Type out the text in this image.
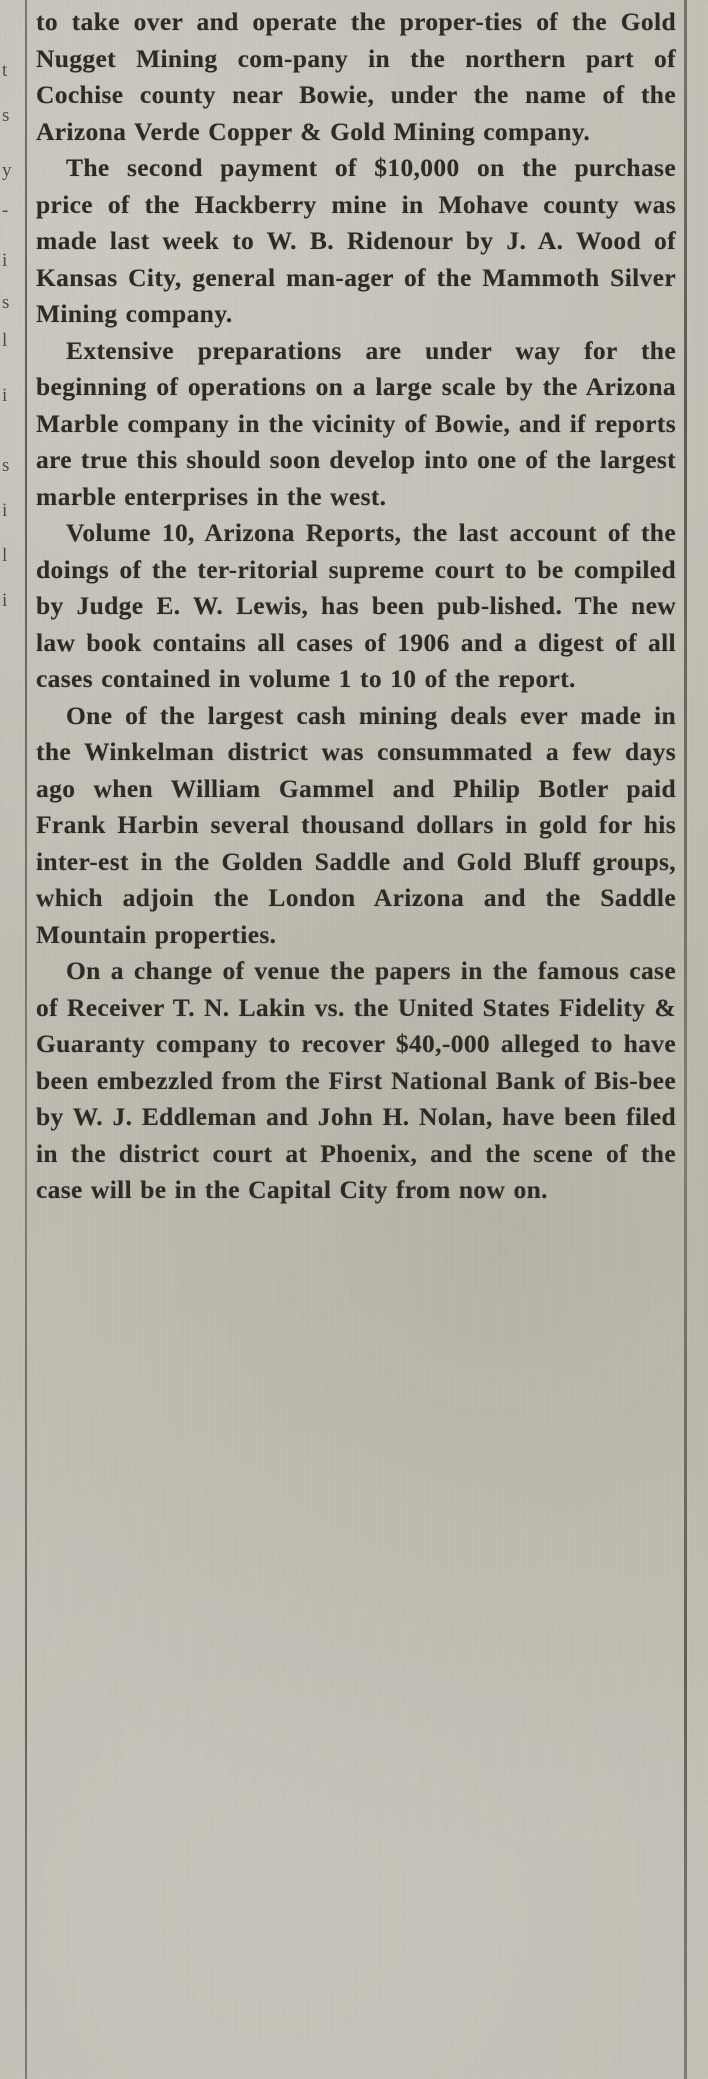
t
s
y
-
i
s
l
i
s
i
l
i

to take over and operate the proper-ties of the Gold Nugget Mining com-pany in the northern part of Cochise county near Bowie, under the name of the Arizona Verde Copper & Gold Mining company.

The second payment of $10,000 on the purchase price of the Hackberry mine in Mohave county was made last week to W. B. Ridenour by J. A. Wood of Kansas City, general man-ager of the Mammoth Silver Mining company.

Extensive preparations are under way for the beginning of operations on a large scale by the Arizona Marble company in the vicinity of Bowie, and if reports are true this should soon develop into one of the largest marble enterprises in the west.

Volume 10, Arizona Reports, the last account of the doings of the ter-ritorial supreme court to be compiled by Judge E. W. Lewis, has been pub-lished. The new law book contains all cases of 1906 and a digest of all cases contained in volume 1 to 10 of the report.

One of the largest cash mining deals ever made in the Winkelman district was consummated a few days ago when William Gammel and Philip Botler paid Frank Harbin several thousand dollars in gold for his inter-est in the Golden Saddle and Gold Bluff groups, which adjoin the London Arizona and the Saddle Mountain properties.

On a change of venue the papers in the famous case of Receiver T. N. Lakin vs. the United States Fidelity & Guaranty company to recover $40,-000 alleged to have been embezzled from the First National Bank of Bis-bee by W. J. Eddleman and John H. Nolan, have been filed in the district court at Phoenix, and the scene of the case will be in the Capital City from now on.
